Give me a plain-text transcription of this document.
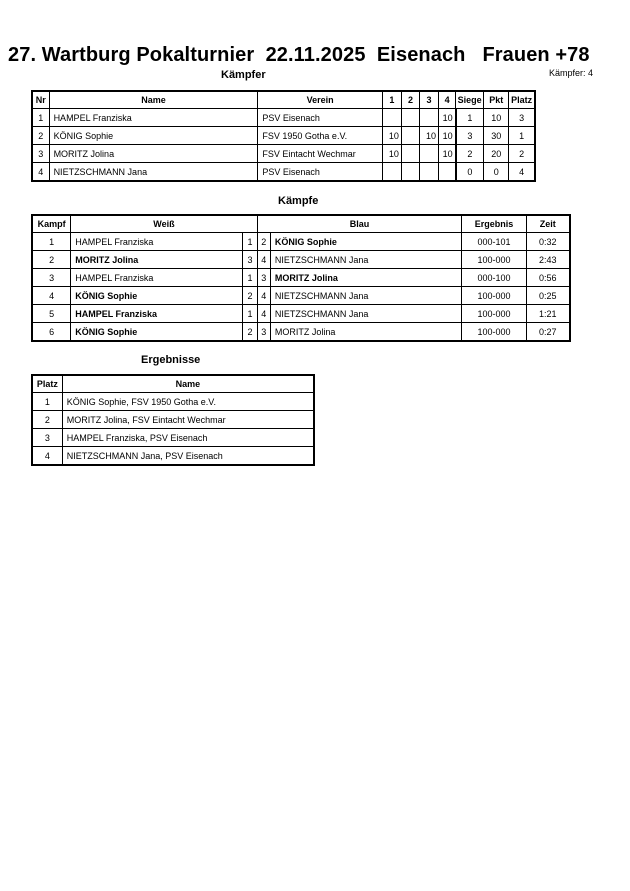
27. Wartburg Pokalturnier  22.11.2025  Eisenach   Frauen +78
Kämpfer: 4
Kämpfer
Nr	Name	Verein	1	2	3	4	Siege	Pkt	Platz
1	HAMPEL Franziska	PSV Eisenach				10	1	10	3
2	KÖNIG Sophie	FSV 1950 Gotha e.V.	10		10	10	3	30	1
3	MORITZ Jolina	FSV Eintacht Wechmar	10			10	2	20	2
4	NIETZSCHMANN Jana	PSV Eisenach					0	0	4
Kämpfe
Kampf	Weiß		Blau		Ergebnis	Zeit
1	HAMPEL Franziska	1	2	KÖNIG Sophie	000-101	0:32
2	MORITZ Jolina	3	4	NIETZSCHMANN Jana	100-000	2:43
3	HAMPEL Franziska	1	3	MORITZ Jolina	000-100	0:56
4	KÖNIG Sophie	2	4	NIETZSCHMANN Jana	100-000	0:25
5	HAMPEL Franziska	1	4	NIETZSCHMANN Jana	100-000	1:21
6	KÖNIG Sophie	2	3	MORITZ Jolina	100-000	0:27
Ergebnisse
Platz	Name
1	KÖNIG Sophie, FSV 1950 Gotha e.V.
2	MORITZ Jolina, FSV Eintacht Wechmar
3	HAMPEL Franziska, PSV Eisenach
4	NIETZSCHMANN Jana, PSV Eisenach
